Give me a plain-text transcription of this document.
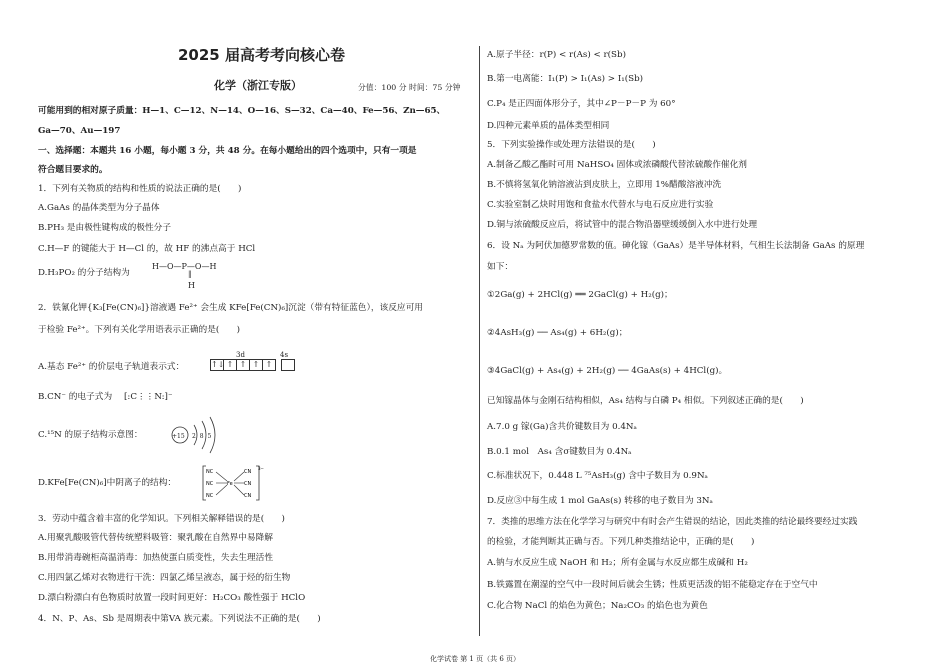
2025 届高考考向核心卷
化学（浙江专版）	分值：100 分 时间：75 分钟
可能用到的相对原子质量：H—1、C—12、N—14、O—16、S—32、Ca—40、Fe—56、Zn—65、
Ga—70、Au—197
一、选择题：本题共 16 小题，每小题 3 分，共 48 分。在每小题给出的四个选项中，只有一项是
符合题目要求的。
1．下列有关物质的结构和性质的说法正确的是(　　)
A.GaAs 的晶体类型为分子晶体
B.PH₃ 是由极性键构成的极性分子
C.H—F 的键能大于 H—Cl 的，故 HF 的沸点高于 HCl
D.H₃PO₂ 的分子结构为
H—O—P—O—H
‖
H
2．铁氰化钾{K₃[Fe(CN)₆]}溶液遇 Fe²⁺ 会生成 KFe[Fe(CN)₆]沉淀（带有特征蓝色），该反应可用
于检验 Fe²⁺。下列有关化学用语表示正确的是(　　)
A.基态 Fe²⁺ 的价层电子轨道表示式：
3d	4s
↑↓ ↑ ↑ ↑ ↑
B.CN⁻ 的电子式为 [:C⋮⋮N:]⁻
C.¹⁵N 的原子结构示意图：	+15 2 8 5
D.KFe[Fe(CN)₆]中阴离子的结构：
NC
NC
NC
Fe
CN
CN
CN
3−
3．劳动中蕴含着丰富的化学知识。下列相关解释错误的是(　　)
A.用聚乳酸吸管代替传统塑料吸管：聚乳酸在自然界中易降解
B.用带消毒碗柜高温消毒：加热使蛋白质变性，失去生理活性
C.用四氯乙烯对衣物进行干洗：四氯乙烯呈液态，属于烃的衍生物
D.漂白粉漂白有色物质时放置一段时间更好：H₂CO₃ 酸性强于 HClO
4．N、P、As、Sb 是周期表中第VA 族元素。下列说法不正确的是(　　)
A.原子半径：r(P) < r(As) < r(Sb)
B.第一电离能：I₁(P) > I₁(As) > I₁(Sb)
C.P₄ 是正四面体形分子，其中∠P－P－P 为 60°
D.四种元素单质的晶体类型相同
5．下列实验操作或处理方法错误的是(　　)
A.制备乙酸乙酯时可用 NaHSO₄ 固体或浓磷酸代替浓硫酸作催化剂
B.不慎将氢氧化钠溶液沾到皮肤上，立即用 1%醋酸溶液冲洗
C.实验室制乙炔时用饱和食盐水代替水与电石反应进行实验
D.铜与浓硫酸反应后，将试管中的混合物沿器壁缓缓倒入水中进行处理
6．设 Nₐ 为阿伏加德罗常数的值。砷化镓（GaAs）是半导体材料，气相生长法制备 GaAs 的原理
如下：
①2Ga(g) + 2HCl(g) ══ 2GaCl(g) + H₂(g)；
②4AsH₃(g) ── As₄(g) + 6H₂(g)；
③4GaCl(g) + As₄(g) + 2H₂(g) ── 4GaAs(s) + 4HCl(g)。
已知镓晶体与金刚石结构相似，As₄ 结构与白磷 P₄ 相似。下列叙述正确的是(　　)
A.7.0 g 镓(Ga)含共价键数目为 0.4Nₐ
B.0.1 mol　As₄ 含σ键数目为 0.4Nₐ
C.标准状况下，0.448 L ⁷⁵AsH₃(g) 含中子数目为 0.9Nₐ
D.反应③中每生成 1 mol GaAs(s) 转移的电子数目为 3Nₐ
7．类推的思维方法在化学学习与研究中有时会产生错误的结论，因此类推的结论最终要经过实践
的检验，才能判断其正确与否。下列几种类推结论中，正确的是(　　)
A.钠与水反应生成 NaOH 和 H₂；所有金属与水反应都生成碱和 H₂
B.铁露置在潮湿的空气中一段时间后就会生锈；性质更活泼的铝不能稳定存在于空气中
C.化合物 NaCl 的焰色为黄色；Na₂CO₃ 的焰色也为黄色
化学试卷 第 1 页（共 6 页）
